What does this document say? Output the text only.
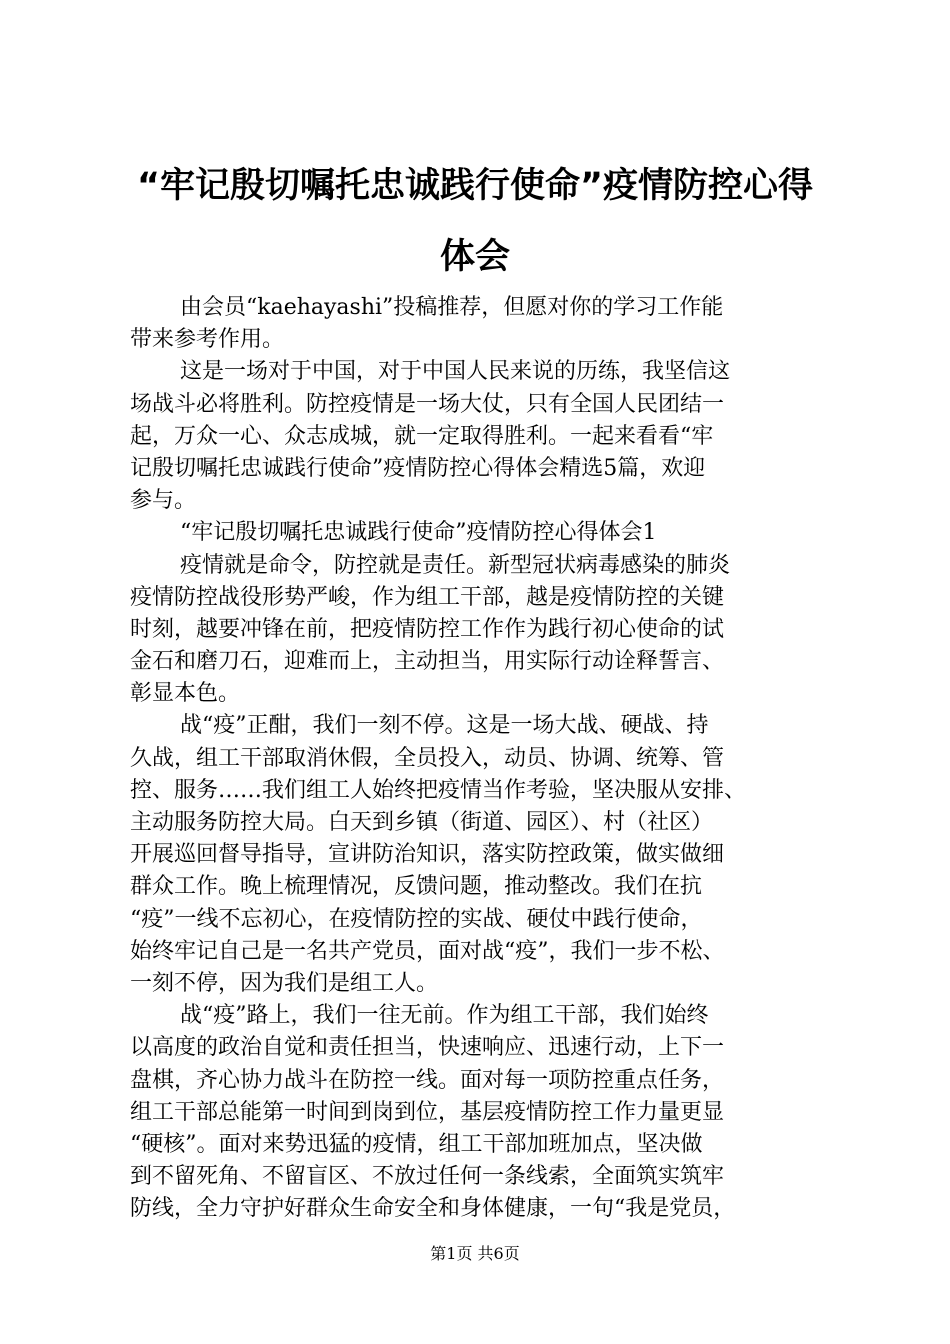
“牢记殷切嘱托忠诚践行使命”疫情防控心得
体会
由会员“kaehayashi”投稿推荐，但愿对你的学习工作能
带来参考作用。
这是一场对于中国，对于中国人民来说的历练，我坚信这
场战斗必将胜利。防控疫情是一场大仗，只有全国人民团结一
起，万众一心、众志成城，就一定取得胜利。一起来看看“牢
记殷切嘱托忠诚践行使命”疫情防控心得体会精选5篇，欢迎
参与。
“牢记殷切嘱托忠诚践行使命”疫情防控心得体会1
疫情就是命令，防控就是责任。新型冠状病毒感染的肺炎
疫情防控战役形势严峻，作为组工干部，越是疫情防控的关键
时刻，越要冲锋在前，把疫情防控工作作为践行初心使命的试
金石和磨刀石，迎难而上，主动担当，用实际行动诠释誓言、
彰显本色。
战“疫”正酣，我们一刻不停。这是一场大战、硬战、持
久战，组工干部取消休假，全员投入，动员、协调、统筹、管
控、服务……我们组工人始终把疫情当作考验，坚决服从安排、
主动服务防控大局。白天到乡镇（街道、园区）、村（社区）
开展巡回督导指导，宣讲防治知识，落实防控政策，做实做细
群众工作。晚上梳理情况，反馈问题，推动整改。我们在抗
“疫”一线不忘初心，在疫情防控的实战、硬仗中践行使命，
始终牢记自己是一名共产党员，面对战“疫”，我们一步不松、
一刻不停，因为我们是组工人。
战“疫”路上，我们一往无前。作为组工干部，我们始终
以高度的政治自觉和责任担当，快速响应、迅速行动，上下一
盘棋，齐心协力战斗在防控一线。面对每一项防控重点任务，
组工干部总能第一时间到岗到位，基层疫情防控工作力量更显
“硬核”。面对来势迅猛的疫情，组工干部加班加点，坚决做
到不留死角、不留盲区、不放过任何一条线索，全面筑实筑牢
防线，全力守护好群众生命安全和身体健康，一句“我是党员，
第1页 共6页
